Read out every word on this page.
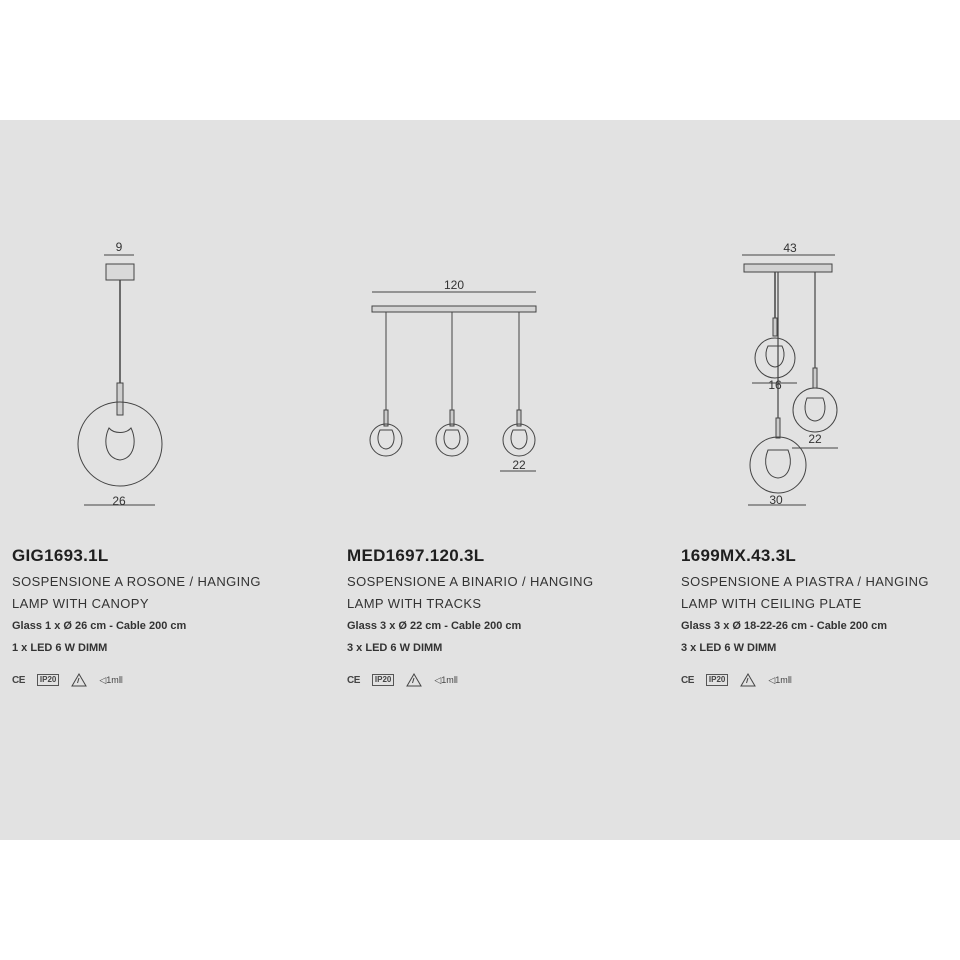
9
26
120
22
43
16
22
30
GIG1693.1L
SOSPENSIONE A ROSONE / HANGING
LAMP WITH CANOPY
Glass 1 x Ø 26 cm - Cable 200 cm
1 x LED 6 W DIMM
CE	IP20	◁1m⦀
MED1697.120.3L
SOSPENSIONE A BINARIO / HANGING
LAMP WITH TRACKS
Glass 3 x Ø 22 cm - Cable 200 cm
3 x LED 6 W DIMM
CE	IP20	◁1m⦀
1699MX.43.3L
SOSPENSIONE A PIASTRA / HANGING
LAMP WITH CEILING PLATE
Glass 3 x Ø 18-22-26 cm - Cable 200 cm
3 x LED 6 W DIMM
CE	IP20	◁1m⦀
